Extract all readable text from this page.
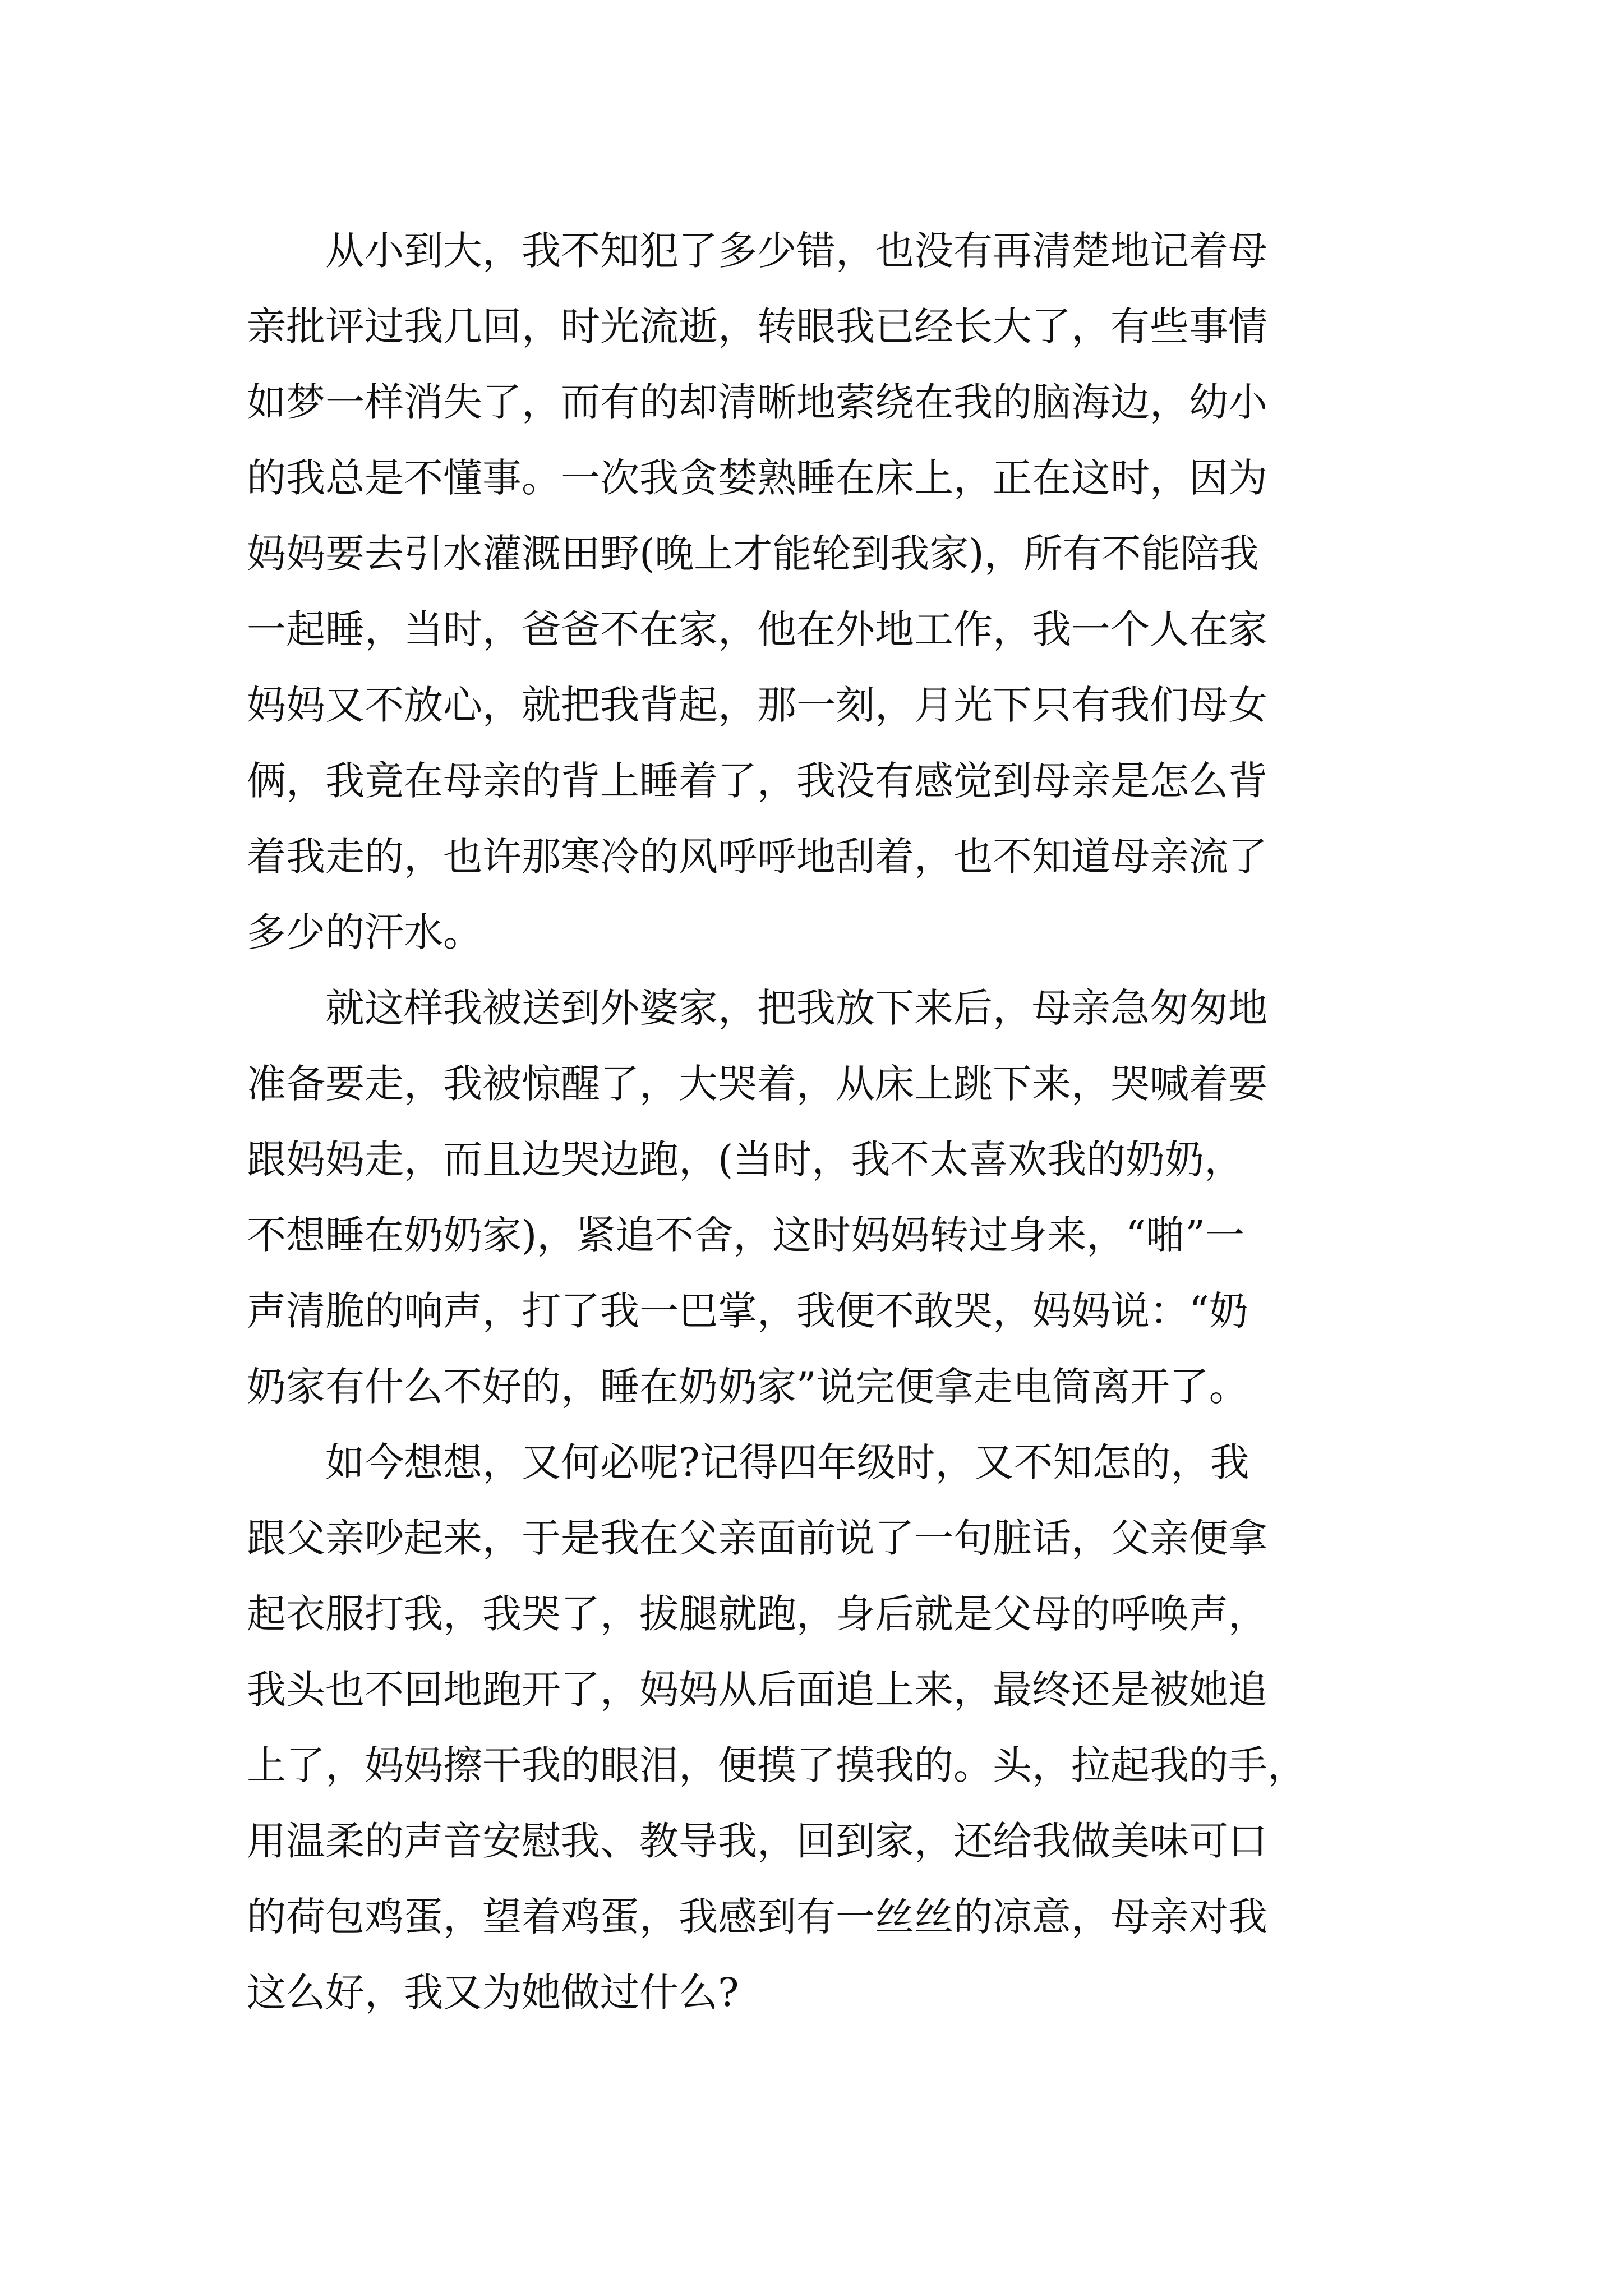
从小到大，我不知犯了多少错，也没有再清楚地记着母
亲批评过我几回，时光流逝，转眼我已经长大了，有些事情
如梦一样消失了，而有的却清晰地萦绕在我的脑海边，幼小
的我总是不懂事。一次我贪婪熟睡在床上，正在这时，因为
妈妈要去引水灌溉田野(晚上才能轮到我家)，所有不能陪我
一起睡，当时，爸爸不在家，他在外地工作，我一个人在家
妈妈又不放心，就把我背起，那一刻，月光下只有我们母女
俩，我竟在母亲的背上睡着了，我没有感觉到母亲是怎么背
着我走的，也许那寒冷的风呼呼地刮着，也不知道母亲流了
多少的汗水。
就这样我被送到外婆家，把我放下来后，母亲急匆匆地
准备要走，我被惊醒了，大哭着，从床上跳下来，哭喊着要
跟妈妈走，而且边哭边跑，(当时，我不太喜欢我的奶奶，
不想睡在奶奶家)，紧追不舍，这时妈妈转过身来，“啪”一
声清脆的响声，打了我一巴掌，我便不敢哭，妈妈说：“奶
奶家有什么不好的，睡在奶奶家”说完便拿走电筒离开了。
如今想想，又何必呢?记得四年级时，又不知怎的，我
跟父亲吵起来，于是我在父亲面前说了一句脏话，父亲便拿
起衣服打我，我哭了，拔腿就跑，身后就是父母的呼唤声，
我头也不回地跑开了，妈妈从后面追上来，最终还是被她追
上了，妈妈擦干我的眼泪，便摸了摸我的。头，拉起我的手，
用温柔的声音安慰我、教导我，回到家，还给我做美味可口
的荷包鸡蛋，望着鸡蛋，我感到有一丝丝的凉意，母亲对我
这么好，我又为她做过什么?
